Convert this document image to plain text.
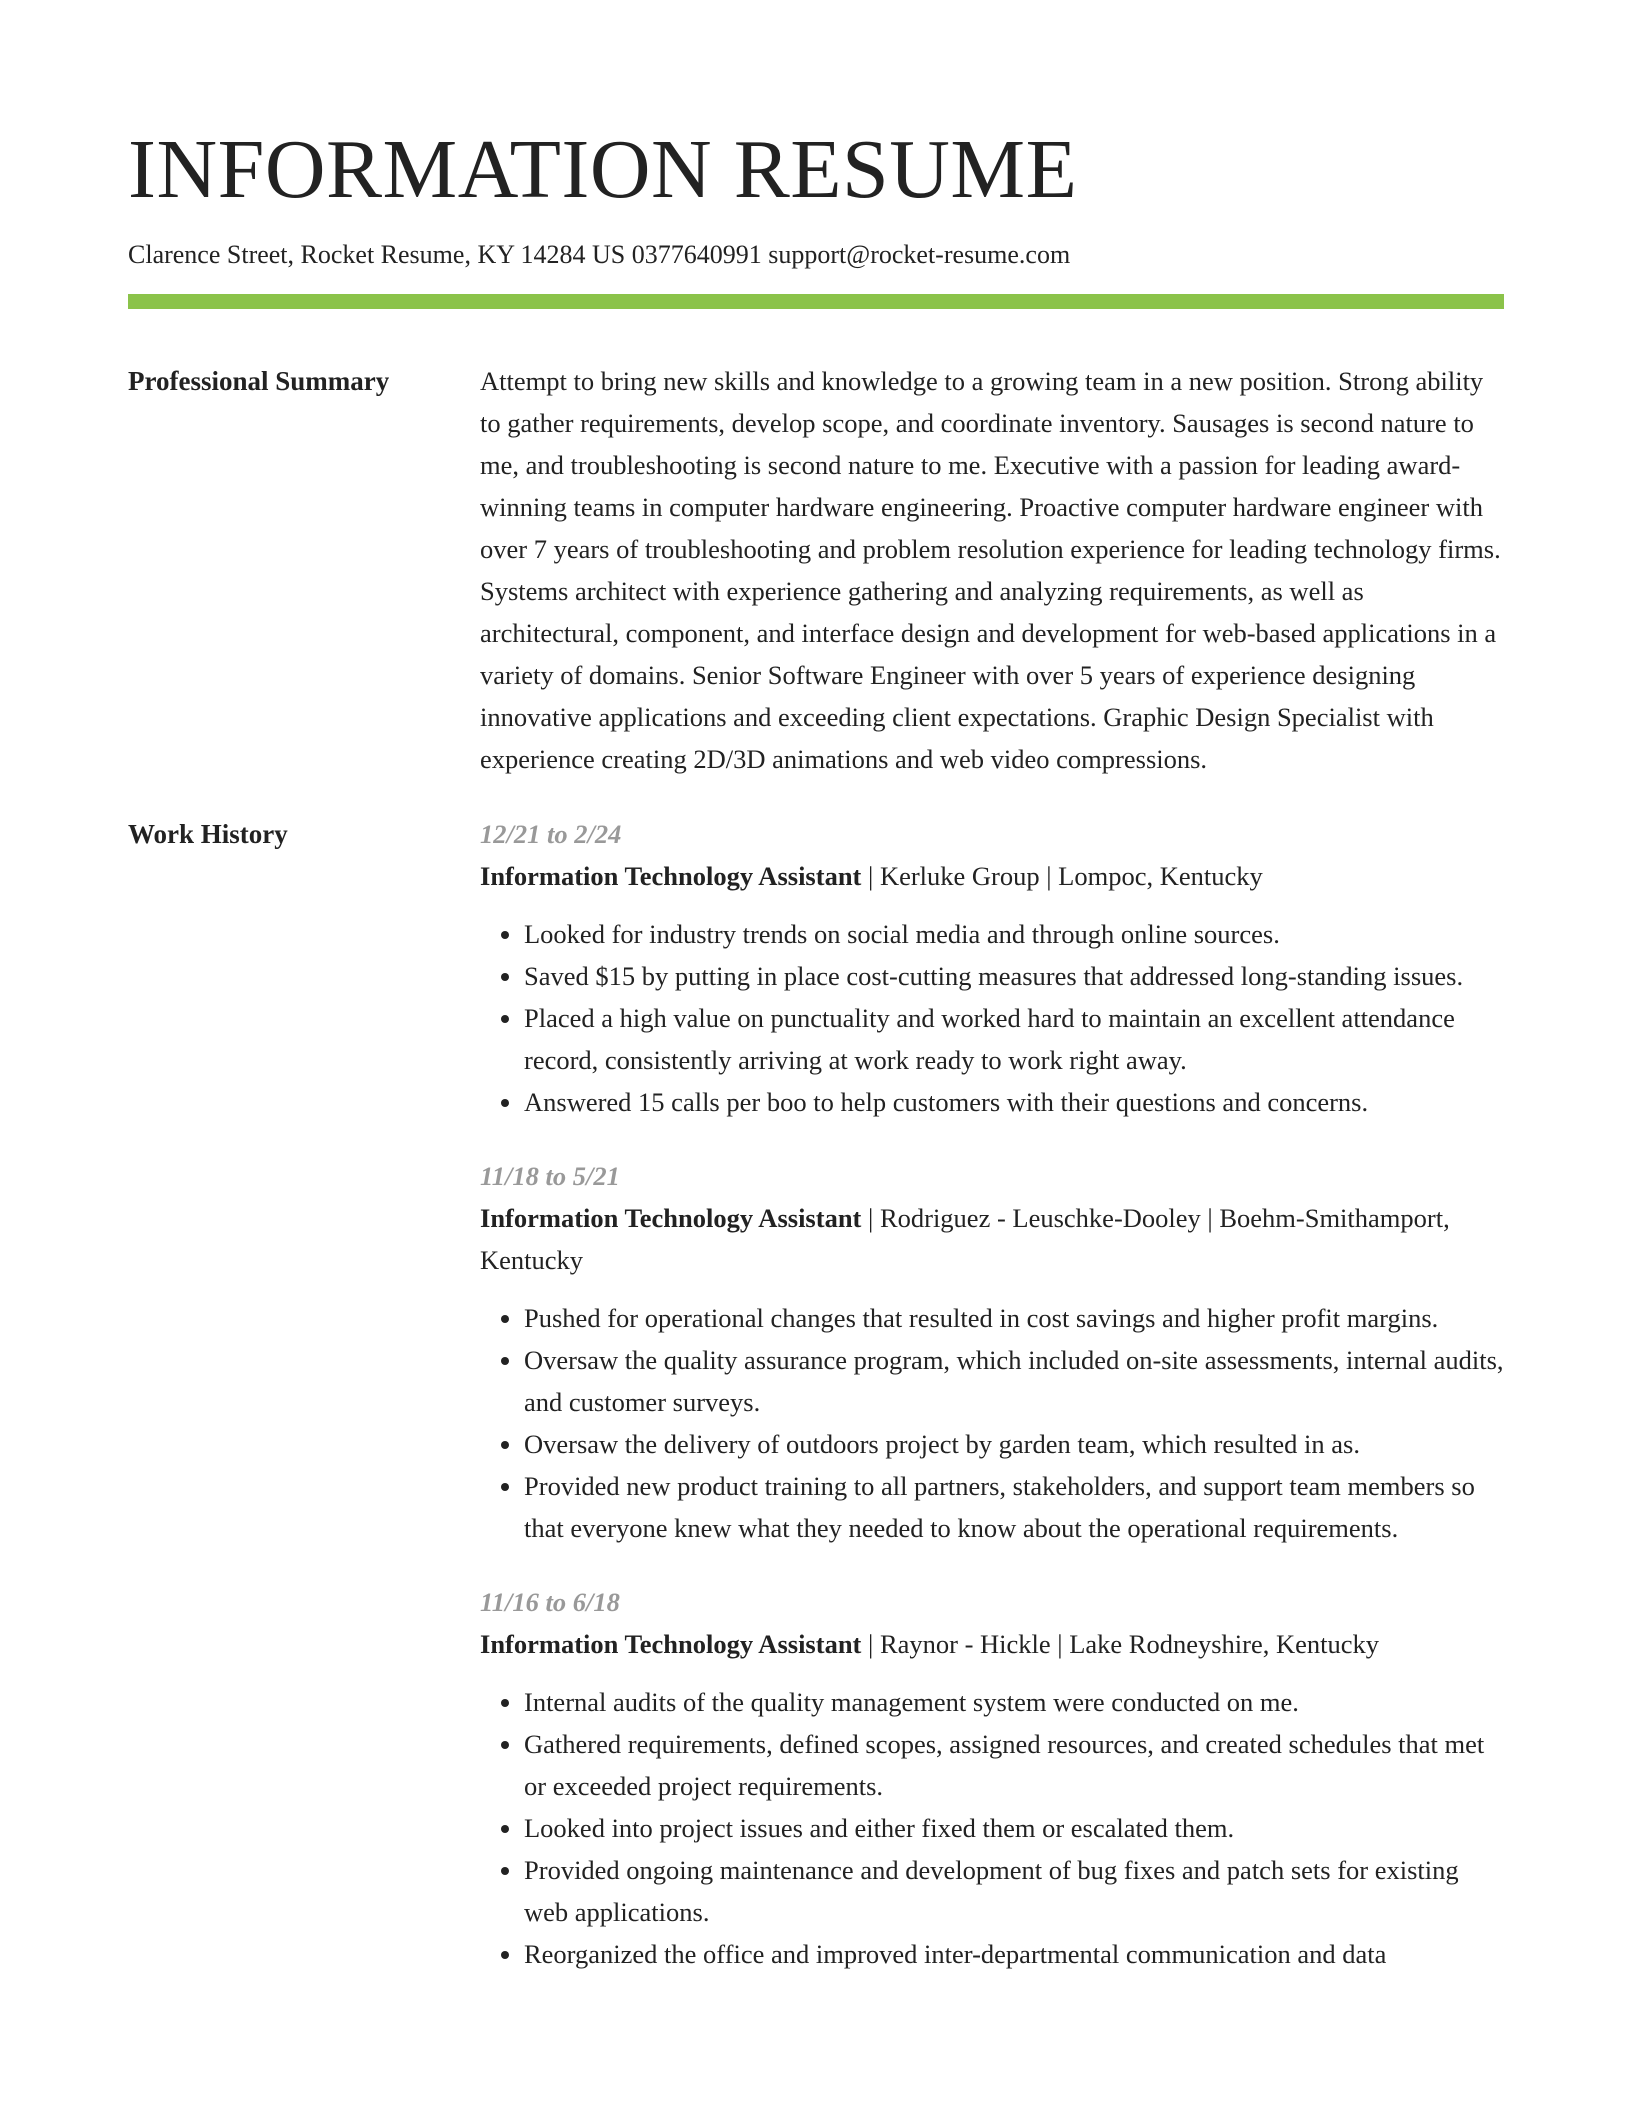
INFORMATION RESUME
Clarence Street, Rocket Resume, KY 14284 US 0377640991 support@rocket-resume.com
Professional Summary	Attempt to bring new skills and knowledge to a growing team in a new position. Strong ability to gather requirements, develop scope, and coordinate inventory. Sausages is second nature to me, and troubleshooting is second nature to me. Executive with a passion for leading award-winning teams in computer hardware engineering. Proactive computer hardware engineer with over 7 years of troubleshooting and problem resolution experience for leading technology firms. Systems architect with experience gathering and analyzing requirements, as well as architectural, component, and interface design and development for web-based applications in a variety of domains. Senior Software Engineer with over 5 years of experience designing innovative applications and exceeding client expectations. Graphic Design Specialist with experience creating 2D/3D animations and web video compressions.

Work History	12/21 to 2/24
Information Technology Assistant | Kerluke Group | Lompoc, Kentucky
• Looked for industry trends on social media and through online sources.
• Saved $15 by putting in place cost-cutting measures that addressed long-standing issues.
• Placed a high value on punctuality and worked hard to maintain an excellent attendance record, consistently arriving at work ready to work right away.
• Answered 15 calls per boo to help customers with their questions and concerns.
11/18 to 5/21
Information Technology Assistant | Rodriguez - Leuschke-Dooley | Boehm-Smithamport, Kentucky
• Pushed for operational changes that resulted in cost savings and higher profit margins.
• Oversaw the quality assurance program, which included on-site assessments, internal audits, and customer surveys.
• Oversaw the delivery of outdoors project by garden team, which resulted in as.
• Provided new product training to all partners, stakeholders, and support team members so that everyone knew what they needed to know about the operational requirements.
11/16 to 6/18
Information Technology Assistant | Raynor - Hickle | Lake Rodneyshire, Kentucky
• Internal audits of the quality management system were conducted on me.
• Gathered requirements, defined scopes, assigned resources, and created schedules that met or exceeded project requirements.
• Looked into project issues and either fixed them or escalated them.
• Provided ongoing maintenance and development of bug fixes and patch sets for existing web applications.
• Reorganized the office and improved inter-departmental communication and data
